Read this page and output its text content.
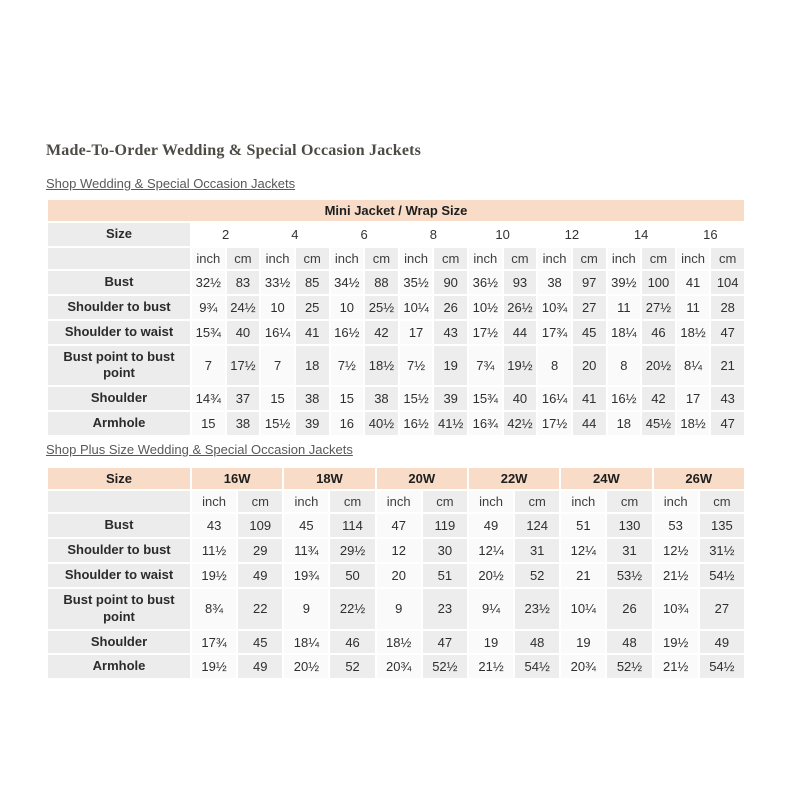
Made-To-Order Wedding & Special Occasion Jackets
Shop Wedding & Special Occasion Jackets
Mini Jacket / Wrap Size																
Size	2		4		6		8		10		12		14		16	
	inch	cm	inch	cm	inch	cm	inch	cm	inch	cm	inch	cm	inch	cm	inch	cm
Bust	32½	83	33½	85	34½	88	35½	90	36½	93	38	97	39½	100	41	104
Shoulder to bust	9¾	24½	10	25	10	25½	10¼	26	10½	26½	10¾	27	11	27½	11	28
Shoulder to waist	15¾	40	16¼	41	16½	42	17	43	17½	44	17¾	45	18¼	46	18½	47
Bust point to bust point	7	17½	7	18	7½	18½	7½	19	7¾	19½	8	20	8	20½	8¼	21
Shoulder	14¾	37	15	38	15	38	15½	39	15¾	40	16¼	41	16½	42	17	43
Armhole	15	38	15½	39	16	40½	16½	41½	16¾	42½	17½	44	18	45½	18½	47
Shop Plus Size Wedding & Special Occasion Jackets
Size	16W		18W		20W		22W		24W		26W	
	inch	cm	inch	cm	inch	cm	inch	cm	inch	cm	inch	cm
Bust	43	109	45	114	47	119	49	124	51	130	53	135
Shoulder to bust	11½	29	11¾	29½	12	30	12¼	31	12¼	31	12½	31½
Shoulder to waist	19½	49	19¾	50	20	51	20½	52	21	53½	21½	54½
Bust point to bust point	8¾	22	9	22½	9	23	9¼	23½	10¼	26	10¾	27
Shoulder	17¾	45	18¼	46	18½	47	19	48	19	48	19½	49
Armhole	19½	49	20½	52	20¾	52½	21½	54½	20¾	52½	21½	54½
